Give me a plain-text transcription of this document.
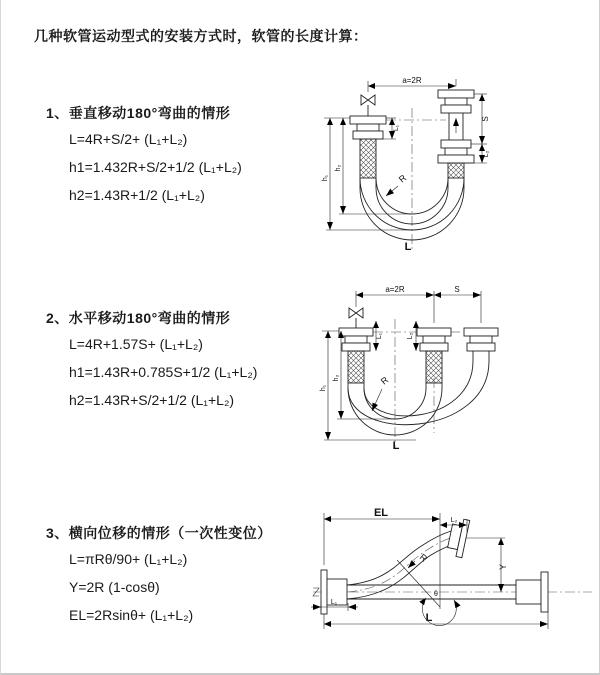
几种软管运动型式的安装方式时，软管的长度计算：
1、垂直移动180°弯曲的情形
L=4R+S/2+ (L₁+L₂)
h1=1.432R+S/2+1/2 (L₁+L₂)
h2=1.43R+1/2 (L₁+L₂)
2、水平移动180°弯曲的情形
L=4R+1.57S+ (L₁+L₂)
h1=1.43R+0.785S+1/2 (L₁+L₂)
h2=1.43R+S/2+1/2 (L₁+L₂)
3、横向位移的情形（一次性变位）
L=πRθ/90+ (L₁+L₂)
Y=2R (1-cosθ)
EL=2Rsinθ+ (L₁+L₂)
a=2R
h₁
h₂
L₁
S
L₂
R
L
a=2R	S
h₁
h₂
L₁	L₂
R
L
EL
L₂
Y
L
L₁
R
θ
